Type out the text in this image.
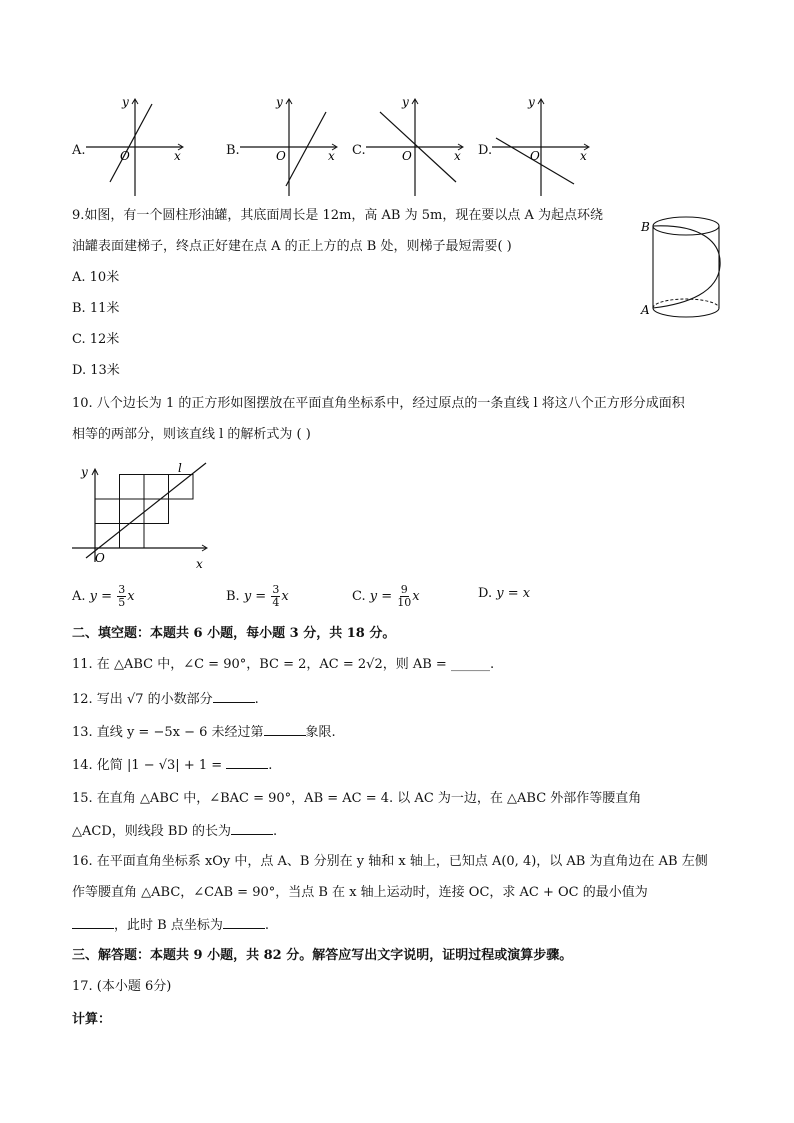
A.	O	x
y
B.	O	x
y
C.	O	x
y
D.	O	x
y
9.如图，有一个圆柱形油罐，其底面周长是 12m，高 AB 为 5m，现在要以点 A 为起点环绕
油罐表面建梯子，终点正好建在点 A 的正上方的点 B 处，则梯子最短需要( )
A. 10米
B. 11米
C. 12米
D. 13米
B
A
10. 八个边长为 1 的正方形如图摆放在平面直角坐标系中，经过原点的一条直线 l 将这八个正方形分成面积
相等的两部分，则该直线 l 的解析式为 ( )
y
x
O
l
A. $y = \frac{3}{5}$ x	B. $y = \frac{3}{4}$ x	C. $y = \frac{9}{10}$ x	D. y = x
二、填空题：本题共 6 小题，每小题 3 分，共 18 分。
11. 在 △ABC 中，∠C = 90°，BC = 2，AC = 2√2，则 AB = ______.
12. 写出 √7 的小数部分	.
13. 直线 y = −5x − 6 未经过第	象限.
14. 化简 |1 − √3| + 1 =	.
15. 在直角 △ABC 中，∠BAC = 90°，AB = AC = 4. 以 AC 为一边，在 △ABC 外部作等腰直角
△ACD，则线段 BD 的长为	.
16. 在平面直角坐标系 xOy 中，点 A、B 分别在 y 轴和 x 轴上，已知点 A(0, 4)，以 AB 为直角边在 AB 左侧
作等腰直角 △ABC，∠CAB = 90°，当点 B 在 x 轴上运动时，连接 OC，求 AC + OC 的最小值为
，此时 B 点坐标为	.
三、解答题：本题共 9 小题，共 82 分。解答应写出文字说明，证明过程或演算步骤。
17. (本小题 6分)
计算：
